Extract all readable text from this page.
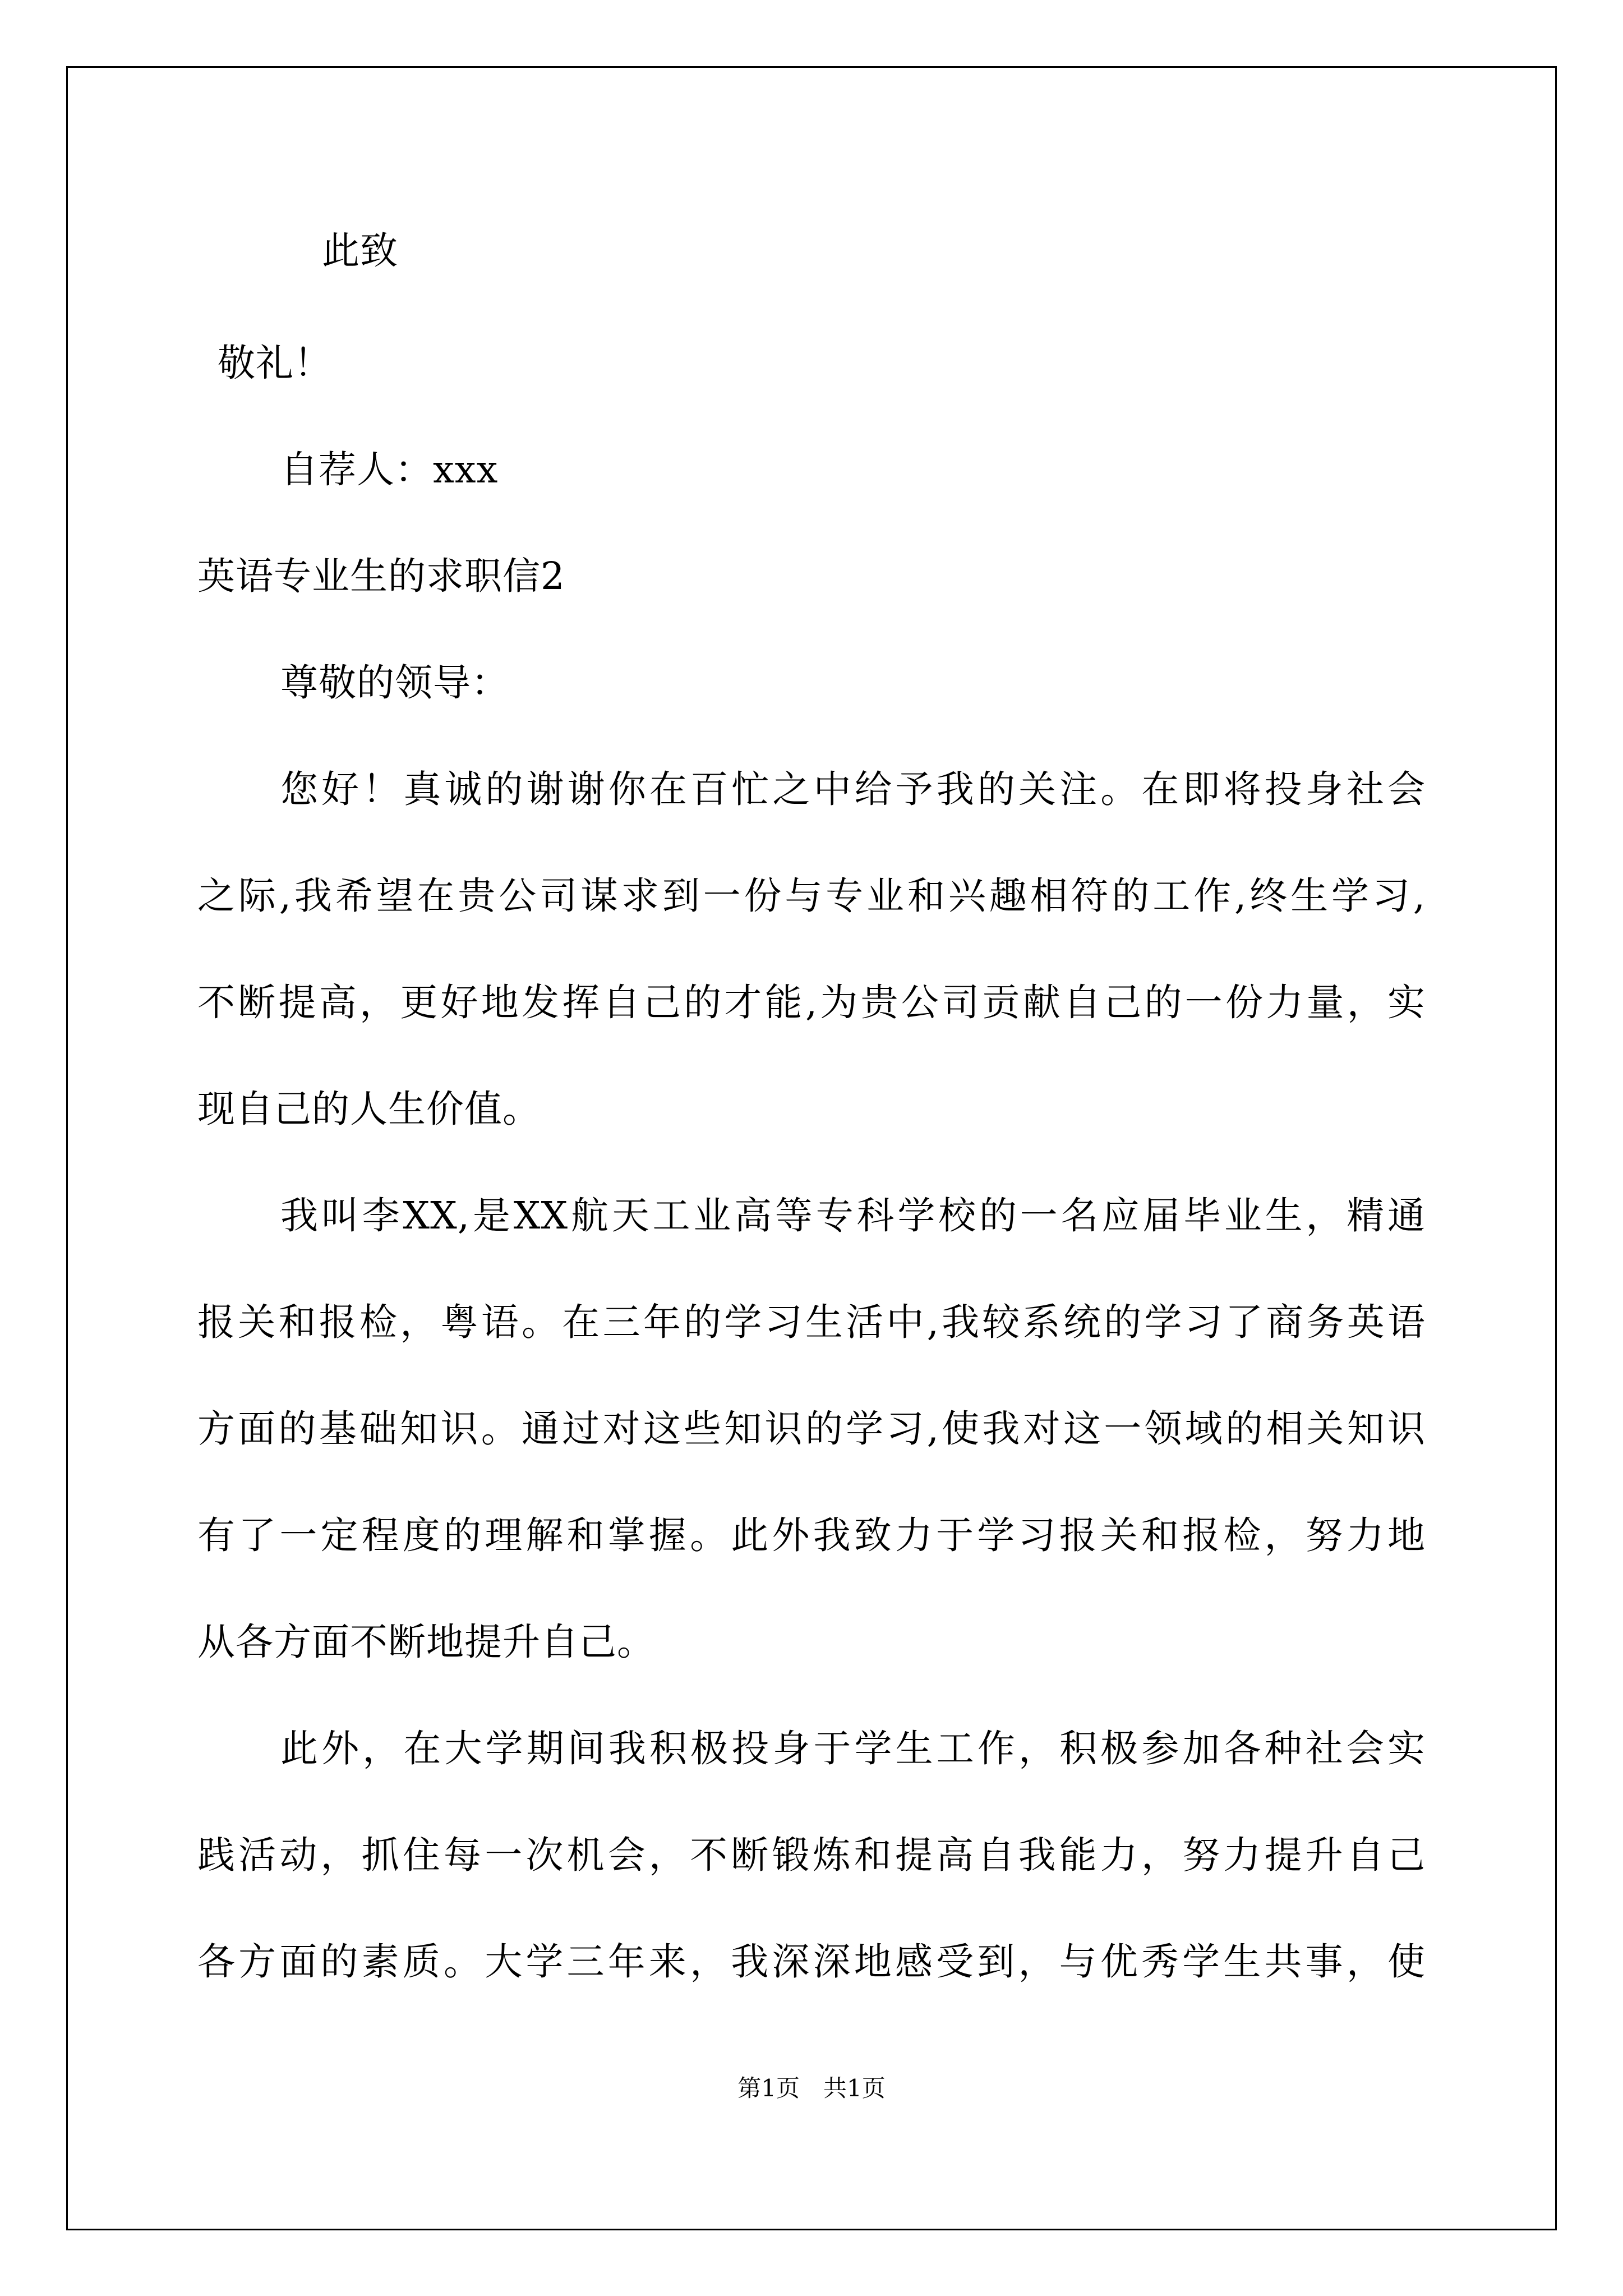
此致
敬礼！
自荐人：xxx
英语专业生的求职信2
尊敬的领导：
您好！真诚的谢谢你在百忙之中给予我的关注。在即将投身社会
之际,我希望在贵公司谋求到一份与专业和兴趣相符的工作,终生学习,
不断提高，更好地发挥自己的才能,为贵公司贡献自己的一份力量，实
现自己的人生价值。
我叫李XX,是XX航天工业高等专科学校的一名应届毕业生，精通
报关和报检，粤语。在三年的学习生活中,我较系统的学习了商务英语
方面的基础知识。通过对这些知识的学习,使我对这一领域的相关知识
有了一定程度的理解和掌握。此外我致力于学习报关和报检，努力地
从各方面不断地提升自己。
此外，在大学期间我积极投身于学生工作，积极参加各种社会实
践活动，抓住每一次机会，不断锻炼和提高自我能力，努力提升自己
各方面的素质。大学三年来，我深深地感受到，与优秀学生共事，使
第1页　共1页
